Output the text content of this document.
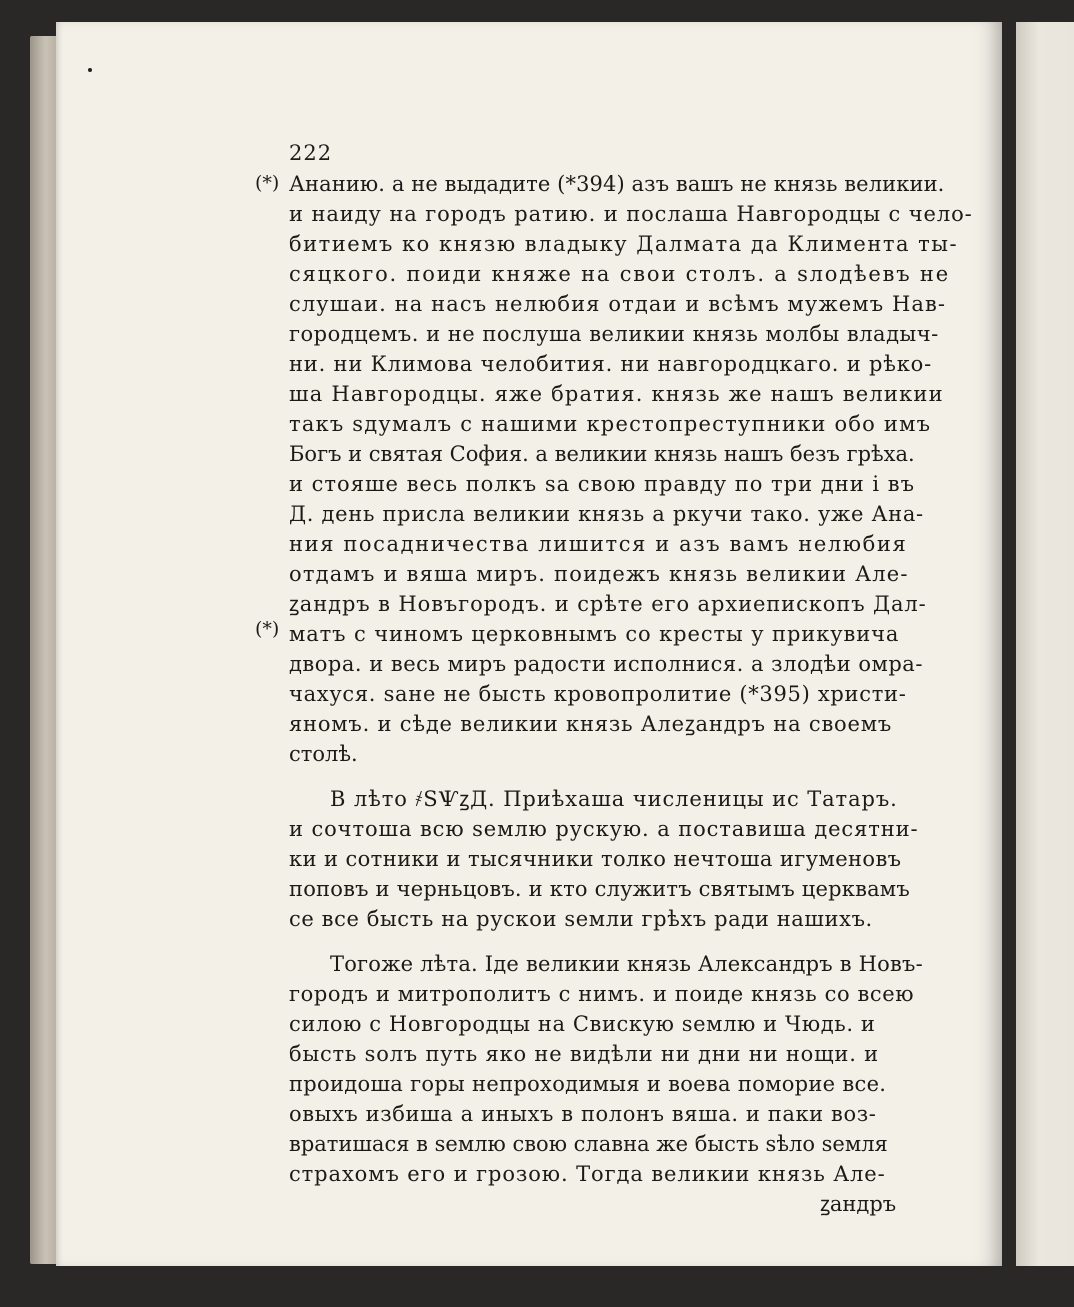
222
(*)
(*)
Ананию. а не выдадите (*394) азъ вашъ не князь великии.
и наиду на городъ ратию. и послаша Навгородцы с чело-
битиемъ ко князю владыку Далмата да Климента ты-
сяцкого. поиди княже на свои столъ. а ѕлодѣевъ не
слушаи. на насъ нелюбия отдаи и всѣмъ мужемъ Нав-
городцемъ. и не послуша великии князь молбы владыч-
ни. ни Климова челобития. ни навгородцкаго. и рѣко-
ша Навгородцы. яже братия. князь же нашъ великии
такъ ѕдумалъ с нашими крестопреступники обо имъ
Богъ и святая София. а великии князь нашъ безъ грѣха.
и стояше весь полкъ ѕа свою правду по три дни і въ
Д. день присла великии князь а ркучи тако. уже Ана-
ния посадничества лишится и азъ вамъ нелюбия
отдамъ и вяша миръ. поидежъ князь великии Але-
ꙁандръ в Новъгородъ. и срѣте его архиепископъ Дал-
матъ с чиномъ церковнымъ со кресты у прикувича
двора. и весь миръ радости исполнися. а злодѣи омра-
чахуся. ѕане не бысть кровопролитие (*395) христи-
яномъ. и сѣде великии князь Алеꙁандръ на своемъ
столѣ.
В лѣто ҂ЅѰꙁД. Приѣхаша численицы ис Татаръ.
и сочтоша всю ѕемлю рускую. а поставиша десятни-
ки и сотники и тысячники толко нечтоша игуменовъ
поповъ и черньцовъ. и кто служитъ святымъ церквамъ
се все бысть на рускои ѕемли грѣхъ ради нашихъ.
Тогоже лѣта. Іде великии князь Александръ в Новъ-
городъ и митрополитъ с нимъ. и поиде князь со всею
силою с Новгородцы на Свискую ѕемлю и Чюдь. и
бысть ѕолъ путь яко не видѣли ни дни ни нощи. и
проидоша горы непроходимыя и воева поморие все.
овыхъ избиша а иныхъ в полонъ вяша. и паки воз-
вратишася в ѕемлю свою славна же бысть ѕѣло ѕемля
страхомъ его и грозою. Тогда великии князь Але-
ꙁандръ
